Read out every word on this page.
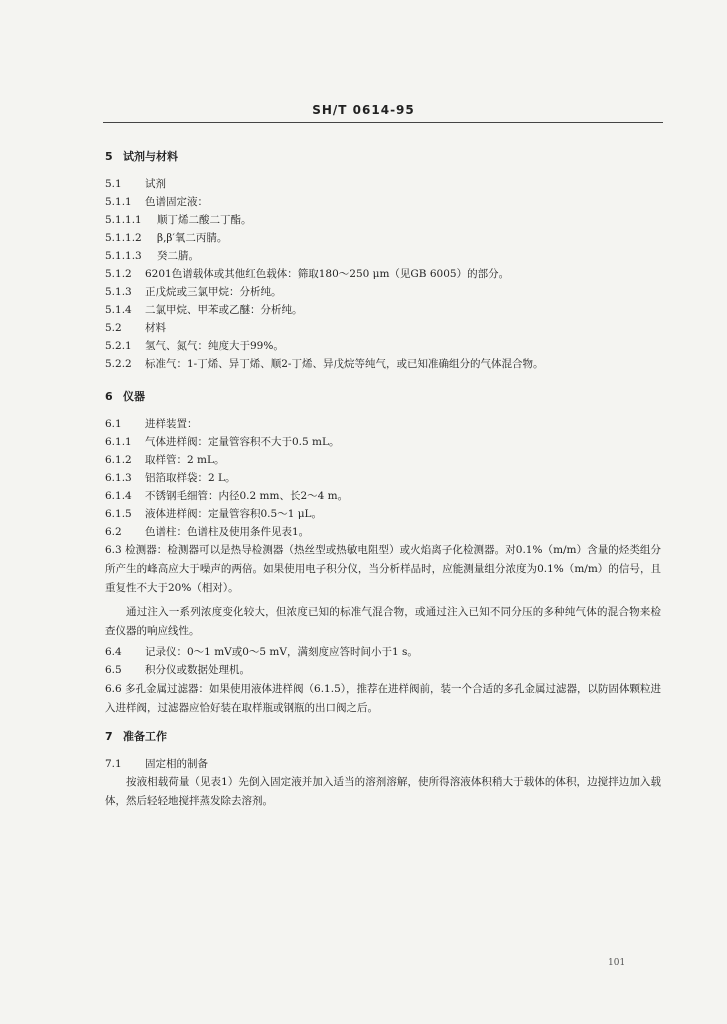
SH/T 0614-95
5 试剂与材料
5.1 试剂
5.1.1 色谱固定液：
5.1.1.1 顺丁烯二酸二丁酯。
5.1.1.2 β,β′氧二丙腈。
5.1.1.3 癸二腈。
5.1.2 6201色谱载体或其他红色载体：筛取180～250 μm（见GB 6005）的部分。
5.1.3 正戊烷或三氯甲烷：分析纯。
5.1.4 二氯甲烷、甲苯或乙醚：分析纯。
5.2 材料
5.2.1 氢气、氮气：纯度大于99%。
5.2.2 标准气：1-丁烯、异丁烯、顺2-丁烯、异戊烷等纯气，或已知准确组分的气体混合物。
6 仪器
6.1 进样装置：
6.1.1 气体进样阀：定量管容积不大于0.5 mL。
6.1.2 取样管：2 mL。
6.1.3 铝箔取样袋：2 L。
6.1.4 不锈钢毛细管：内径0.2 mm、长2～4 m。
6.1.5 液体进样阀：定量管容积0.5～1 μL。
6.2 色谱柱：色谱柱及使用条件见表1。
6.3 检测器：检测器可以是热导检测器（热丝型或热敏电阻型）或火焰离子化检测器。对0.1%（m/m）含量的烃类组分所产生的峰高应大于噪声的两倍。如果使用电子积分仪，当分析样品时，应能测量组分浓度为0.1%（m/m）的信号，且重复性不大于20%（相对）。
通过注入一系列浓度变化较大，但浓度已知的标准气混合物，或通过注入已知不同分压的多种纯气体的混合物来检查仪器的响应线性。
6.4 记录仪：0～1 mV或0～5 mV，满刻度应答时间小于1 s。
6.5 积分仪或数据处理机。
6.6 多孔金属过滤器：如果使用液体进样阀（6.1.5），推荐在进样阀前，装一个合适的多孔金属过滤器，以防固体颗粒进入进样阀，过滤器应恰好装在取样瓶或钢瓶的出口阀之后。
7 准备工作
7.1 固定相的制备
按液相载荷量（见表1）先倒入固定液并加入适当的溶剂溶解，使所得溶液体积稍大于载体的体积，边搅拌边加入载体，然后轻轻地搅拌蒸发除去溶剂。
101
